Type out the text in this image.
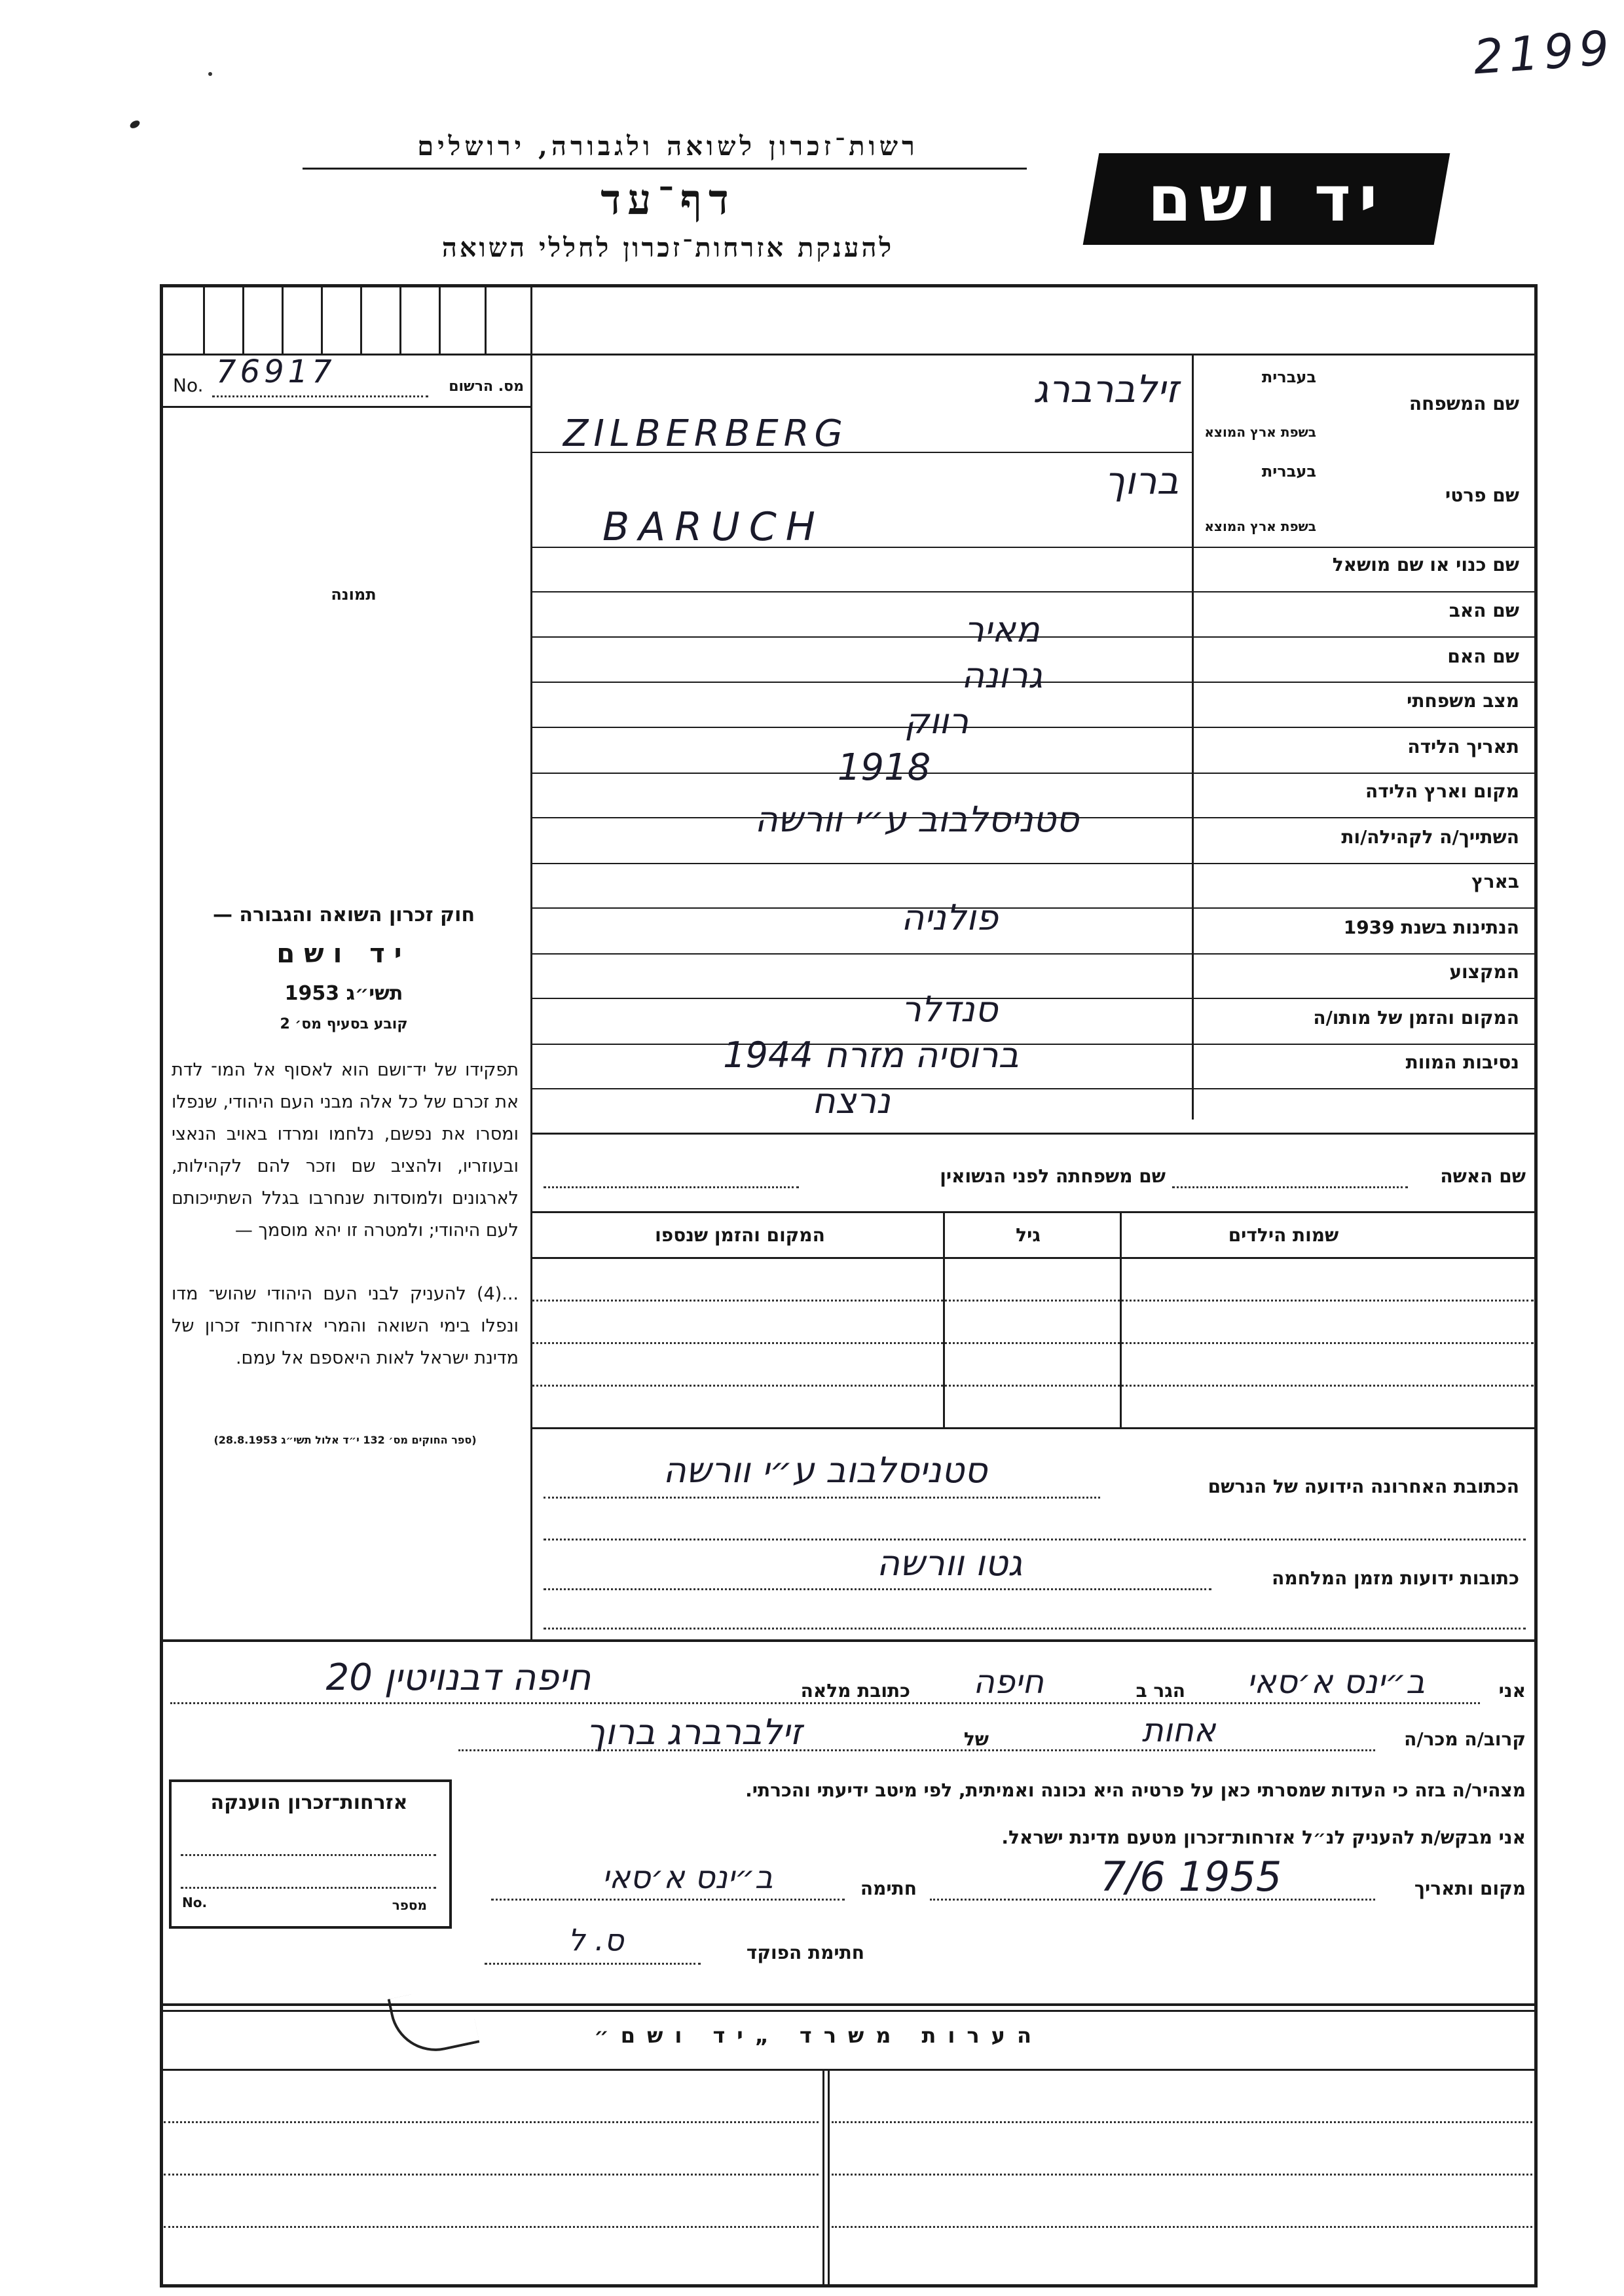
2199
רשות־זכרון לשואה ולגבורה, ירושלים
דף־עד
להענקת אזרחות־זכרון לחללי השואה
יד ושם
No. 76917	מס. הרשום
תמונה
חוק זכרון השואה והגבורה —
יד ושם
תשי״ג 1953
קובע בסעיף מס׳ 2
תפקידו של יד־ושם הוא לאסוף אל המו־ לדת את זכרם של כל אלה מבני העם היהודי, שנפלו ומסרו את נפשם, נלחמו ומרדו באויב הנאצי ובעוזריו, ולהציב שם וזכר להם לקהילות, לארגונים ולמוסדות שנחרבו בגלל השתייכותם לעם היהודי; ולמטרה זו יהא מוסמך —
...(4) להעניק לבני העם היהודי שהוש־ מדו ונפלו בימי השואה והמרי אזרחות־ זכרון של מדינת ישראל לאות היאספם אל עמם.
(ספר החוקים מס׳ 132 י״ד אלול תשי״ג 28.8.1953)
שם המשפחה
בעברית
בשפת ארץ המוצא
שם פרטי
בעברית
בשפת ארץ המוצא
שם כנוי או שם מושאל
שם האב
שם האם
מצב משפחתי
תאריך הלידה
מקום וארץ הלידה
השתייך/ה לקהילה/ות
בארץ
הנתינות בשנת 1939
המקצוע
המקום והזמן של מותו/ה
נסיבות המוות
זילברברג
ZILBERBERG
ברוך
BARUCH
מאיר
גרונה
רווק
1918
סטניסלבוב ע״י וורשה
פולניה
סנדלר
ברוסיה מזרח 1944
נרצח
שם האשה
שם משפחתה לפני הנשואין
שמות הילדים
גיל
המקום והזמן שנספו
הכתובת האחרונה הידועה של הנרשם
סטניסלבוב ע״י וורשה
כתובות ידועות מזמן המלחמה
גטו וורשה
אני
ב״ינס א׳סאי
הגר ב
חיפה
כתובת מלאה
חיפה דבנויטין 20
קרוב/ה מכר/ה
אחות
של
זילברברג ברוך
מצהיר/ה בזה כי העדות שמסרתי כאן על פרטיה היא נכונה ואמיתית, לפי מיטב ידיעתי והכרתי.
אני מבקש/ת להעניק לנ״ל אזרחות־זכרון מטעם מדינת ישראל.
מקום ותאריך
7/6 1955
חתימה
ב״ינס א׳סאי
אזרחות־זכרון הוענקה
No.	מספר
חתימת הפוקד
ס. ל
הערות משרד „יד ושם״
